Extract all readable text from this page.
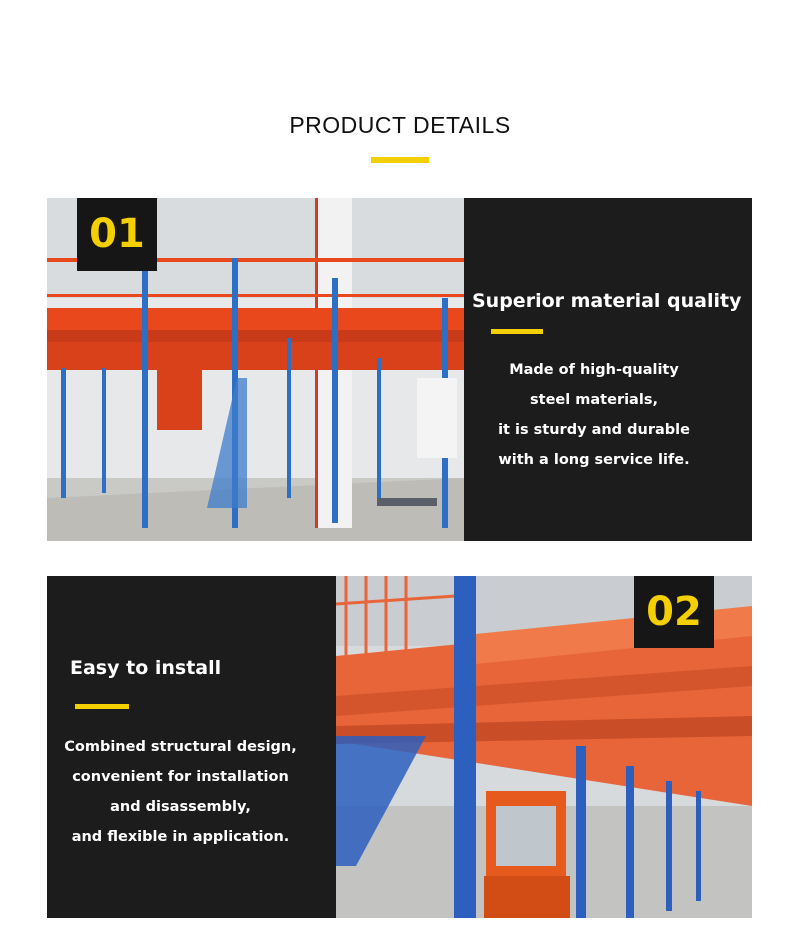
PRODUCT DETAILS
01
Superior material quality
Made of high-quality
steel materials,
it is sturdy and durable
with a long service life.
Easy to install
Combined structural design,
convenient for installation
and disassembly,
and flexible in application.
02
